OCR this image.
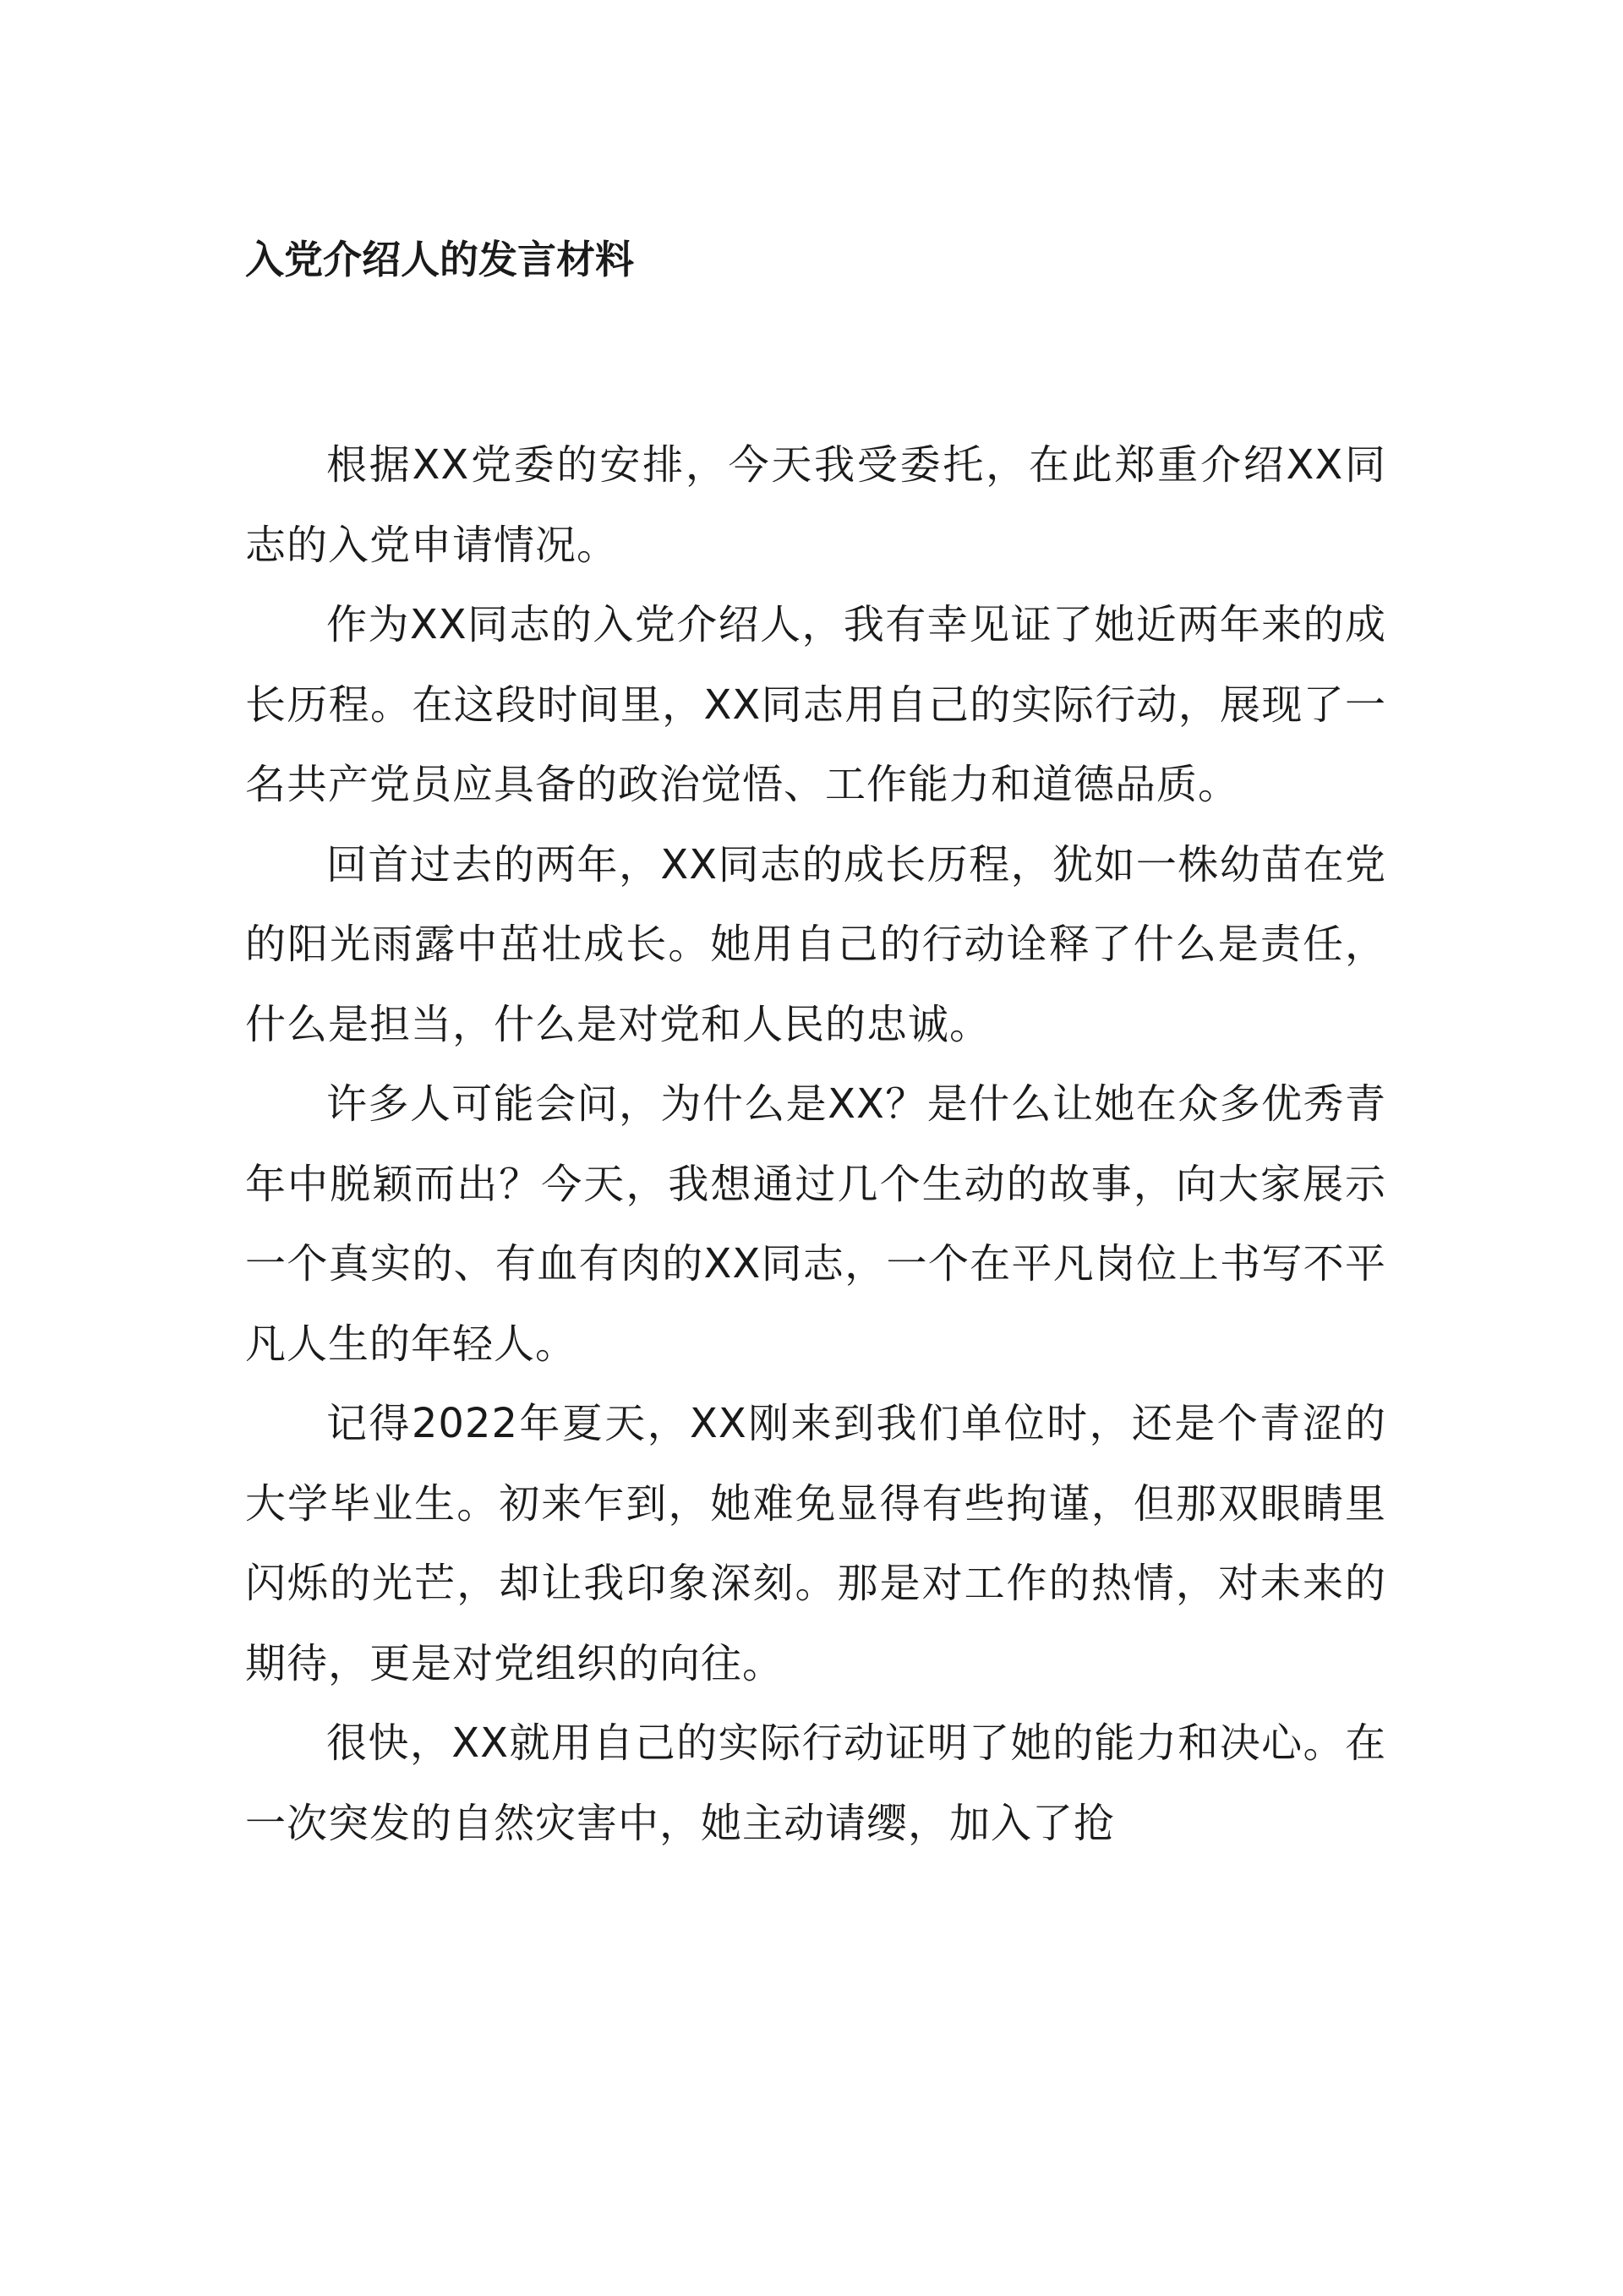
入党介绍人的发言材料

根据XX党委的安排，今天我受委托，在此郑重介绍XX同志的入党申请情况。

作为XX同志的入党介绍人，我有幸见证了她近两年来的成长历程。在这段时间里，XX同志用自己的实际行动，展现了一名共产党员应具备的政治觉悟、工作能力和道德品质。

回首过去的两年，XX同志的成长历程，犹如一株幼苗在党的阳光雨露中茁壮成长。她用自己的行动诠释了什么是责任，什么是担当，什么是对党和人民的忠诚。

许多人可能会问，为什么是XX？是什么让她在众多优秀青年中脱颖而出？今天，我想通过几个生动的故事，向大家展示一个真实的、有血有肉的XX同志，一个在平凡岗位上书写不平凡人生的年轻人。

记得2022年夏天，XX刚来到我们单位时，还是个青涩的大学毕业生。初来乍到，她难免显得有些拘谨，但那双眼睛里闪烁的光芒，却让我印象深刻。那是对工作的热情，对未来的期待，更是对党组织的向往。

很快，XX就用自己的实际行动证明了她的能力和决心。在一次突发的自然灾害中，她主动请缨，加入了抢
